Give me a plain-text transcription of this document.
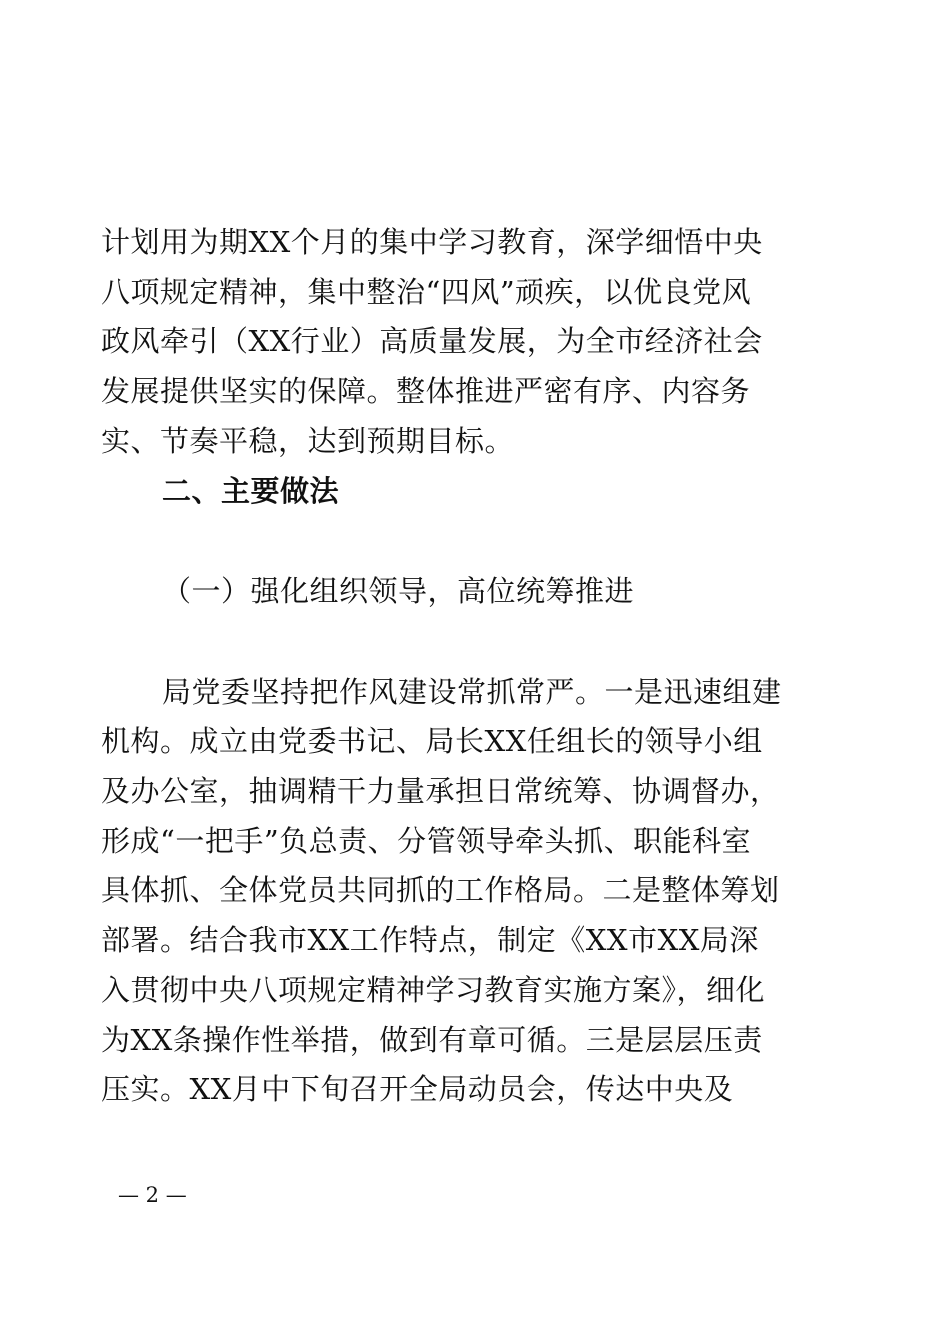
计划用为期XX个月的集中学习教育，深学细悟中央
八项规定精神，集中整治“四风”顽疾，以优良党风
政风牵引（XX行业）高质量发展，为全市经济社会
发展提供坚实的保障。整体推进严密有序、内容务
实、节奏平稳，达到预期目标。
二、主要做法
（一）强化组织领导，高位统筹推进
局党委坚持把作风建设常抓常严。一是迅速组建
机构。成立由党委书记、局长XX任组长的领导小组
及办公室，抽调精干力量承担日常统筹、协调督办，
形成“一把手”负总责、分管领导牵头抓、职能科室
具体抓、全体党员共同抓的工作格局。二是整体筹划
部署。结合我市XX工作特点，制定《XX市XX局深
入贯彻中央八项规定精神学习教育实施方案》，细化
为XX条操作性举措，做到有章可循。三是层层压责
压实。XX月中下旬召开全局动员会，传达中央及
— 2 —
